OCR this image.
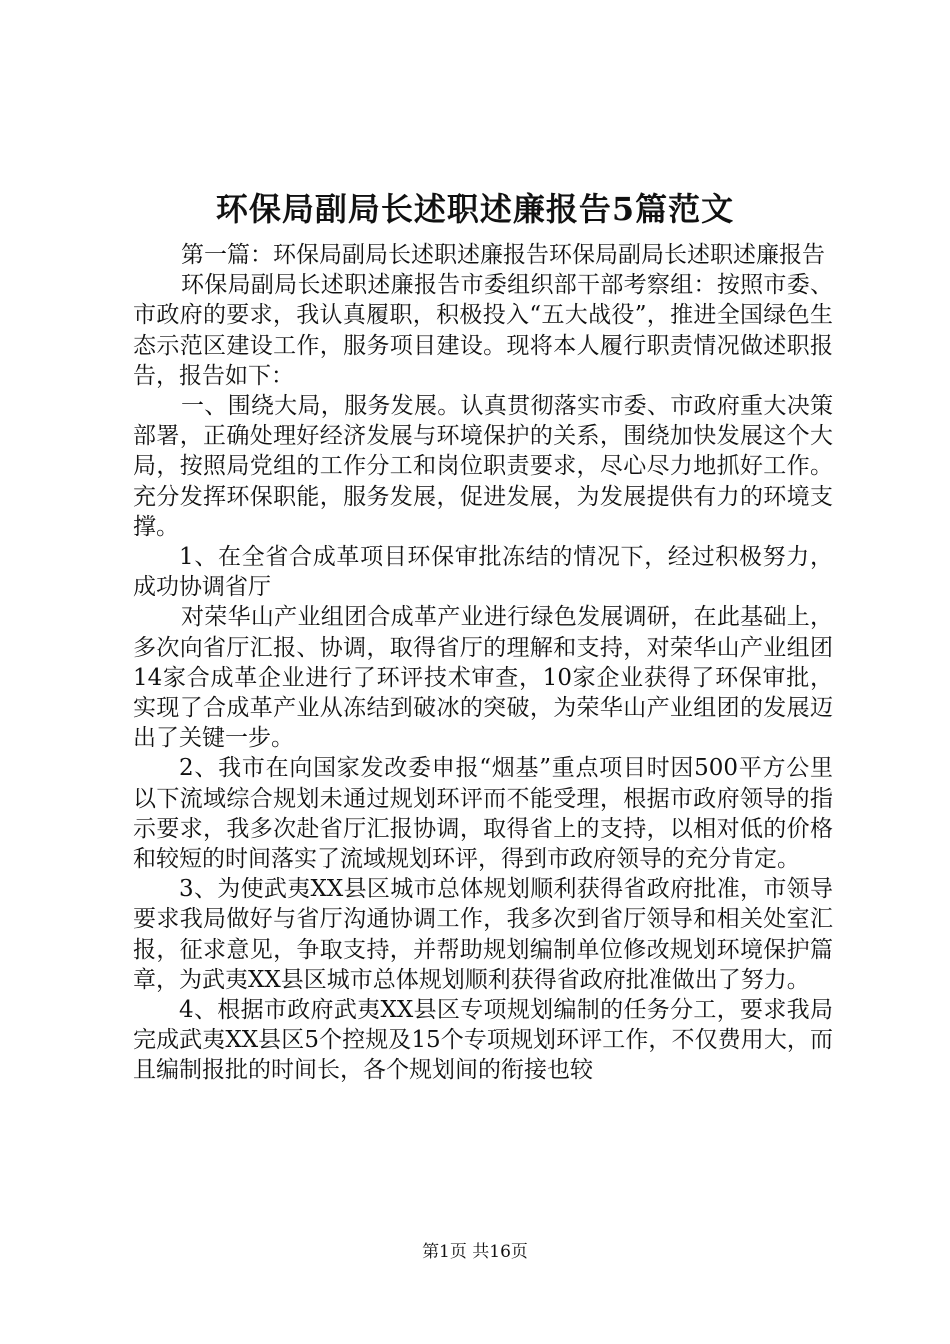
环保局副局长述职述廉报告5篇范文

第一篇：环保局副局长述职述廉报告环保局副局长述职述廉报告

环保局副局长述职述廉报告市委组织部干部考察组：按照市委、市政府的要求，我认真履职，积极投入“五大战役”，推进全国绿色生态示范区建设工作，服务项目建设。现将本人履行职责情况做述职报告，报告如下：

一、围绕大局，服务发展。认真贯彻落实市委、市政府重大决策部署，正确处理好经济发展与环境保护的关系，围绕加快发展这个大局，按照局党组的工作分工和岗位职责要求，尽心尽力地抓好工作。充分发挥环保职能，服务发展，促进发展，为发展提供有力的环境支撑。

1、在全省合成革项目环保审批冻结的情况下，经过积极努力，成功协调省厅

对荣华山产业组团合成革产业进行绿色发展调研，在此基础上，多次向省厅汇报、协调，取得省厅的理解和支持，对荣华山产业组团14家合成革企业进行了环评技术审查，10家企业获得了环保审批，实现了合成革产业从冻结到破冰的突破，为荣华山产业组团的发展迈出了关键一步。

2、我市在向国家发改委申报“烟基”重点项目时因500平方公里以下流域综合规划未通过规划环评而不能受理，根据市政府领导的指示要求，我多次赴省厅汇报协调，取得省上的支持，以相对低的价格和较短的时间落实了流域规划环评，得到市政府领导的充分肯定。

3、为使武夷XX县区城市总体规划顺利获得省政府批准，市领导要求我局做好与省厅沟通协调工作，我多次到省厅领导和相关处室汇报，征求意见，争取支持，并帮助规划编制单位修改规划环境保护篇章，为武夷XX县区城市总体规划顺利获得省政府批准做出了努力。

4、根据市政府武夷XX县区专项规划编制的任务分工，要求我局完成武夷XX县区5个控规及15个专项规划环评工作，不仅费用大，而且编制报批的时间长，各个规划间的衔接也较

第1页 共16页
